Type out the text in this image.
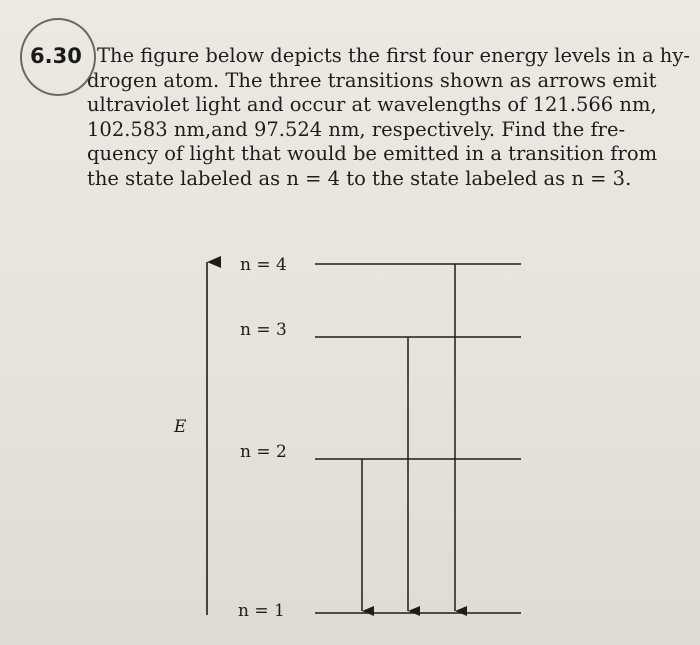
6.30 The figure below depicts the first four energy levels in a hy-
drogen atom. The three transitions shown as arrows emit
ultraviolet light and occur at wavelengths of 121.566 nm,
102.583 nm,and 97.524 nm, respectively. Find the fre-
quency of light that would be emitted in a transition from
the state labeled as n = 4 to the state labeled as n = 3.
E
n = 4
n = 3
n = 2
n = 1
